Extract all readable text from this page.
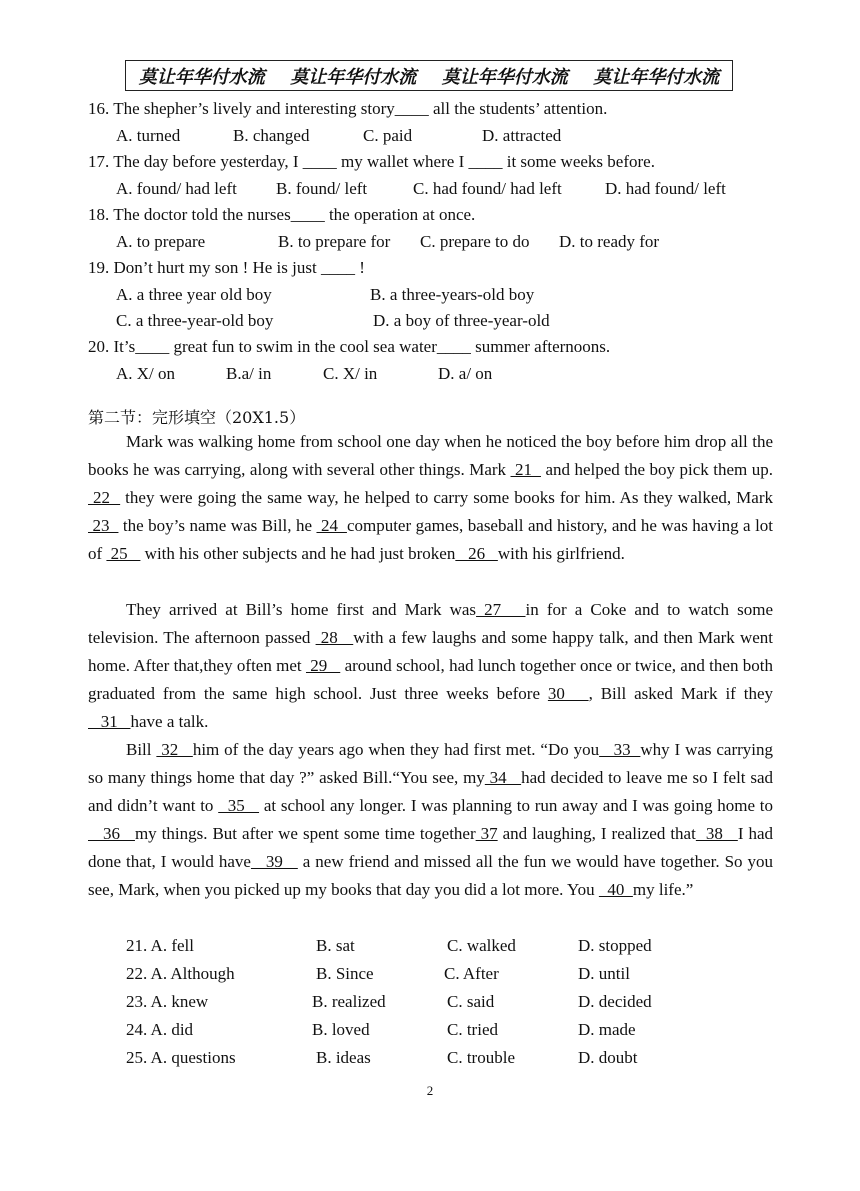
莫让年华付水流 莫让年华付水流 莫让年华付水流 莫让年华付水流
16. The shepher’s lively and interesting story____ all the students’ attention.
A. turned	B. changed	C. paid	D. attracted
17. The day before yesterday, I ____ my wallet where I ____ it some weeks before.
A. found/ had left B. found/ left	C. had found/ had left	D. had found/ left
18. The doctor told the nurses____ the operation at once.
A. to prepare	B. to prepare for C. prepare to do D. to ready for
19. Don’t hurt my son ! He is just ____ !
A. a three year old boy	B. a three-years-old boy
C. a three-year-old boy	D. a boy of three-year-old
20. It’s____ great fun to swim in the cool sea water____ summer afternoons.
A. X/ on	B.a/ in	C. X/ in	D. a/ on
第二节：完形填空（20X1.5）

Mark was walking home from school one day when he noticed the boy before him drop all the books he was carrying, along with several other things. Mark  21   and helped the boy pick them up.  22   they were going the same way, he helped to carry some books for him. As they walked, Mark  23   the boy’s name was Bill, he  24  computer games, baseball and history, and he was having a lot of  25    with his other subjects and he had just broken   26   with his girlfriend.

They arrived at Bill’s home first and Mark was 27   in for a Coke and to watch some television. The afternoon passed  28   with a few laughs and some happy talk, and then Mark went home. After that,they often met  29    around school, had lunch together once or twice, and then both graduated from the same high school. Just three weeks before 30   , Bill asked Mark if they   31   have a talk.

Bill  32   him of the day years ago when they had first met. “Do you   33  why I was carrying so many things home that day ?” asked Bill.“You see, my 34   had decided to leave me so I felt sad and didn’t want to   35    at school any longer. I was planning to run away and I was going home to   36   my things. But after we spent some time together 37 and laughing, I realized that  38   I had done that, I would have   39    a new friend and missed all the fun we would have together. So you see, Mark, when you picked up my books that day you did a lot more. You   40  my life.”

21. A. fell	B. sat	C. walked	D. stopped
22. A. Although	B. Since	C. After	D. until
23. A. knew	B. realized	C. said	D. decided
24. A. did	B. loved	C. tried	D. made
25. A. questions	B. ideas	C. trouble	D. doubt
2
